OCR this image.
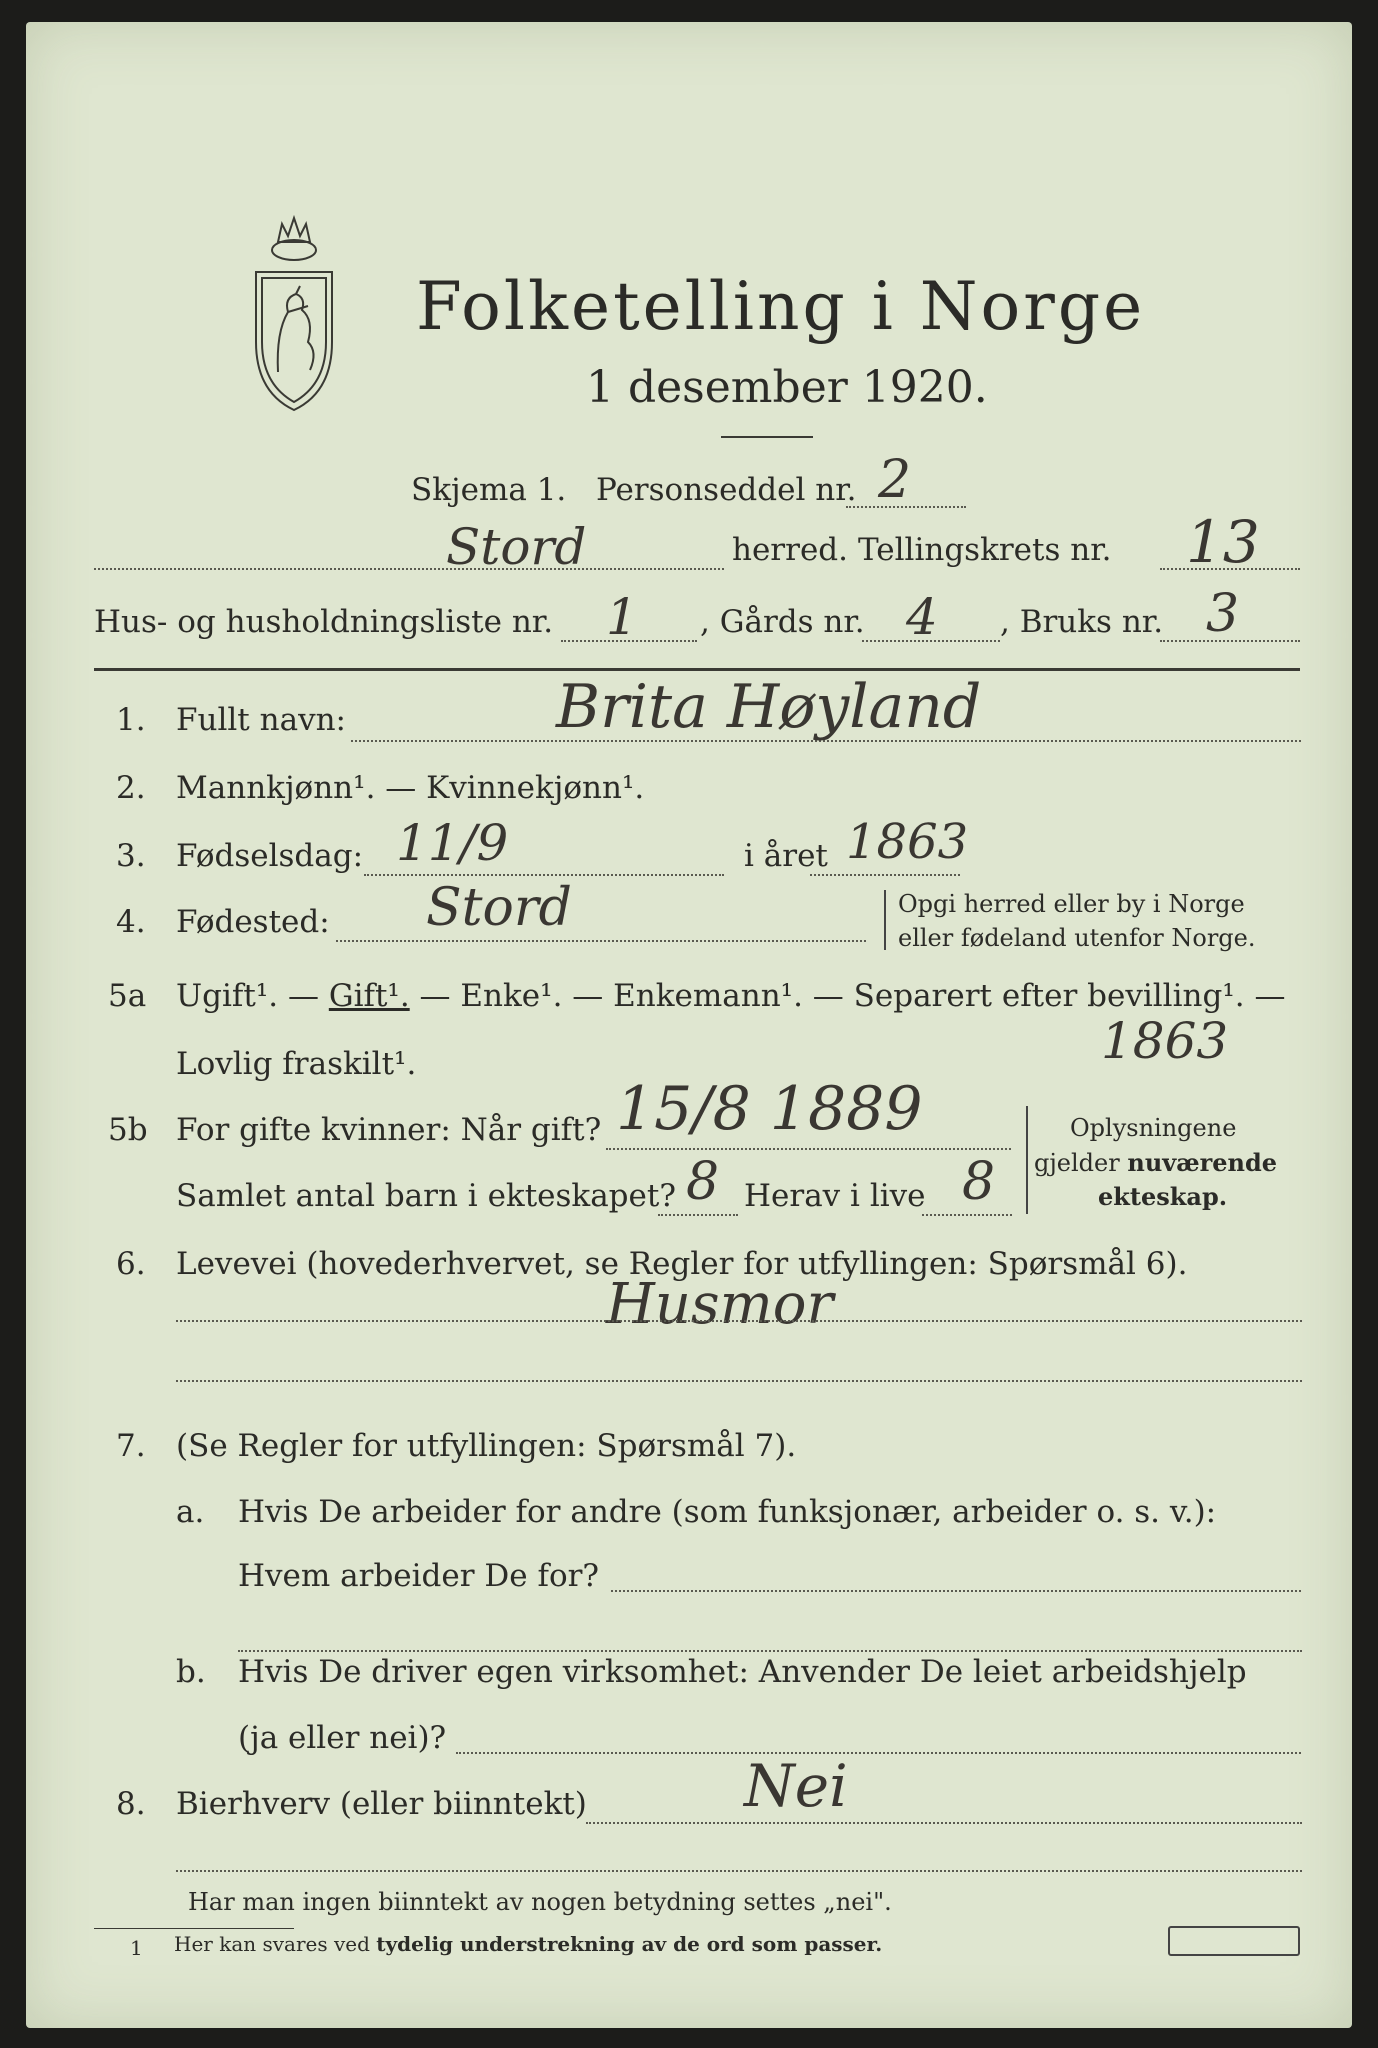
Folketelling i Norge
1 desember 1920.
Skjema 1. Personseddel nr. 2
Stord	herred. Tellingskrets nr. 13
Hus- og husholdningsliste nr. 1 , Gårds nr. 4 , Bruks nr. 3
1. Fullt navn:	Brita Høyland
2. Mannkjønn¹. — Kvinnekjønn¹.
3. Fødselsdag: 11/9	i året 1863
4. Fødested: Stord	Opgi herred eller by i Norge
eller fødeland utenfor Norge.
5a Ugift¹. — Gift¹. — Enke¹. — Enkemann¹. — Separert efter bevilling¹. —
Lovlig fraskilt¹.	1863
5b For gifte kvinner: Når gift? 15/8 1889
Samlet antal barn i ekteskapet? 8 Herav i live 8
Oplysningene
gjelder nuværende
ekteskap.
6. Levevei (hovederhvervet, se Regler for utfyllingen: Spørsmål 6).
Husmor
7. (Se Regler for utfyllingen: Spørsmål 7).
a. Hvis De arbeider for andre (som funksjonær, arbeider o. s. v.):
Hvem arbeider De for?
b. Hvis De driver egen virksomhet: Anvender De leiet arbeidshjelp
(ja eller nei)?
8. Bierhverv (eller biinntekt)	Nei
Har man ingen biinntekt av nogen betydning settes „nei".
1 Her kan svares ved tydelig understrekning av de ord som passer.
